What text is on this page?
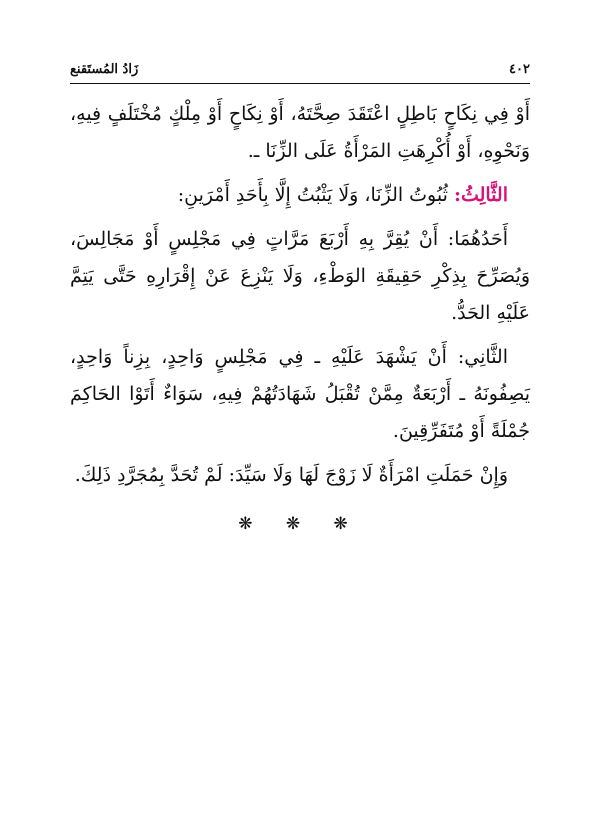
زَادُ المُستَقنع	٤٠٢

أَوْ فِي نِكَاحٍ بَاطِلٍ اعْتَقَدَ صِحَّتَهُ، أَوْ نِكَاحٍ أَوْ مِلْكٍ مُخْتَلَفٍ فِيهِ، وَنَحْوِهِ، أَوْ أُكْرِهَتِ المَرْأَةُ عَلَى الزِّنَا ـ.

الثَّالِثُ: ثُبُوتُ الزِّنَا، وَلَا يَثْبُتُ إِلَّا بِأَحَدِ أَمْرَينِ:

أَحَدُهُمَا: أَنْ يُقِرَّ بِهِ أَرْبَعَ مَرَّاتٍ فِي مَجْلِسٍ أَوْ مَجَالِسَ، وَيُصَرِّحَ بِذِكْرِ حَقِيقَةِ الوَطْءِ، وَلَا يَنْزِعَ عَنْ إِقْرَارِهِ حَتَّى يَتِمَّ عَلَيْهِ الحَدُّ.

الثَّانِي: أَنْ يَشْهَدَ عَلَيْهِ ـ فِي مَجْلِسٍ وَاحِدٍ، بِزِناً وَاحِدٍ، يَصِفُونَهُ ـ أَرْبَعَةٌ مِمَّنْ تُقْبَلُ شَهَادَتُهُمْ فِيهِ، سَوَاءٌ أَتَوْا الحَاكِمَ جُمْلَةً أَوْ مُتَفَرِّقِينَ.

وَإِنْ حَمَلَتِ امْرَأَةٌ لَا زَوْجَ لَهَا وَلَا سَيِّدَ: لَمْ تُحَدَّ بِمُجَرَّدِ ذَلِكَ.

❋ ❋ ❋
